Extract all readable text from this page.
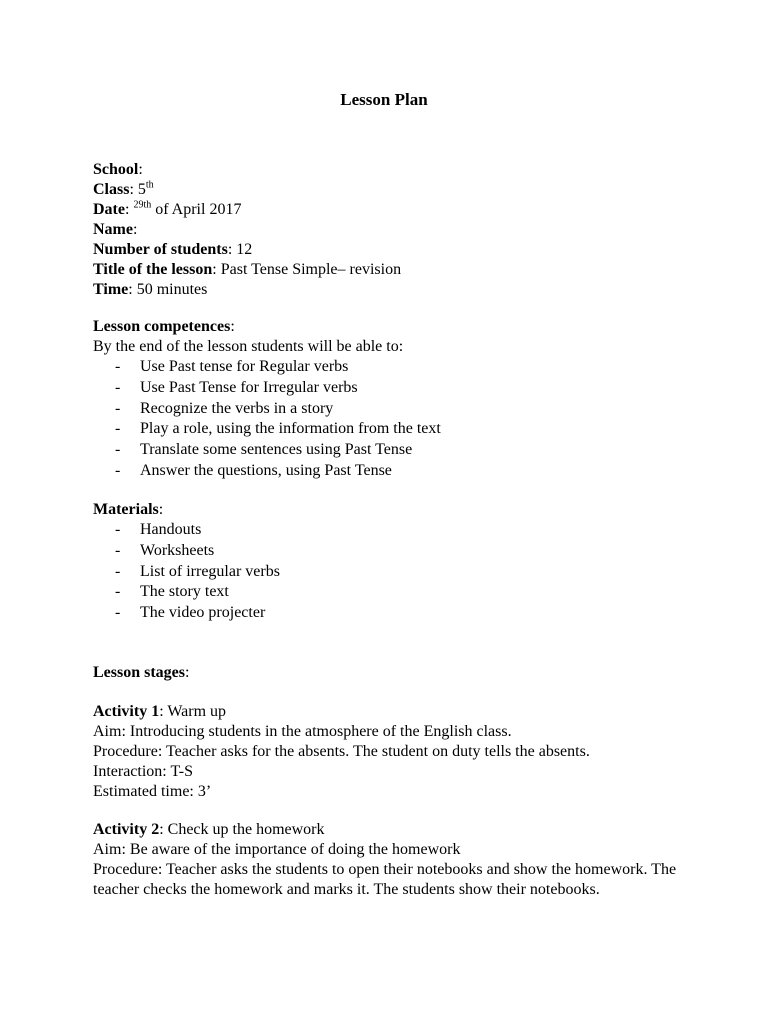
Lesson Plan
School:
Class: 5th
Date: $^{29th}$ of April 2017
Name:
Number of students: 12
Title of the lesson: Past Tense Simple– revision
Time: 50 minutes
Lesson competences:
By the end of the lesson students will be able to:
- Use Past tense for Regular verbs
- Use Past Tense for Irregular verbs
- Recognize the verbs in a story
- Play a role, using the information from the text
- Translate some sentences using Past Tense
- Answer the questions, using Past Tense
Materials:
- Handouts
- Worksheets
- List of irregular verbs
- The story text
- The video projecter
Lesson stages:
Activity 1: Warm up
Aim: Introducing students in the atmosphere of the English class.
Procedure: Teacher asks for the absents. The student on duty tells the absents.
Interaction: T-S
Estimated time: 3’
Activity 2: Check up the homework
Aim: Be aware of the importance of doing the homework
Procedure: Teacher asks the students to open their notebooks and show the homework. The teacher checks the homework and marks it. The students show their notebooks.
